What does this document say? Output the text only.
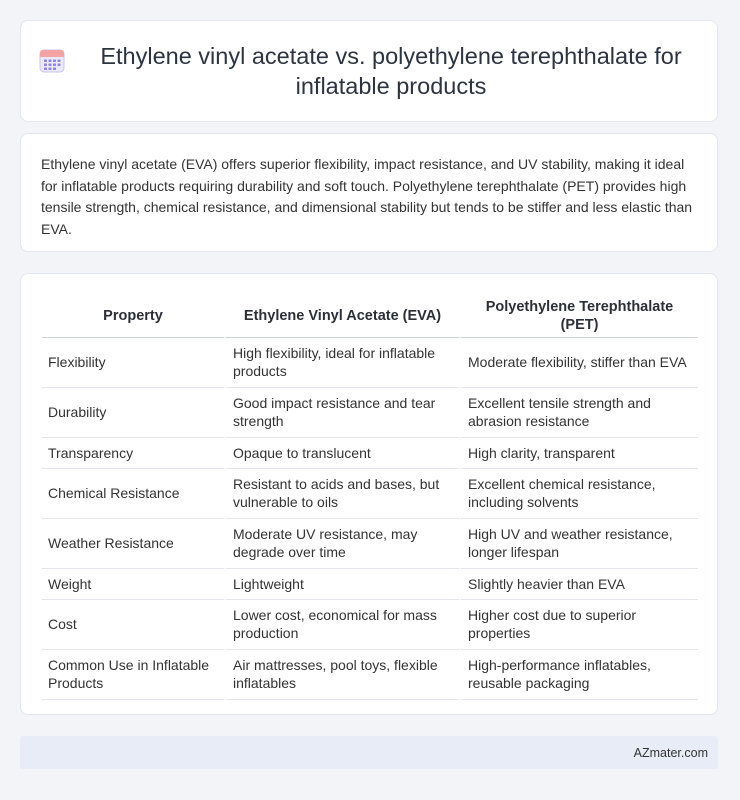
Ethylene vinyl acetate vs. polyethylene terephthalate for inflatable products

Ethylene vinyl acetate (EVA) offers superior flexibility, impact resistance, and UV stability, making it ideal for inflatable products requiring durability and soft touch. Polyethylene terephthalate (PET) provides high tensile strength, chemical resistance, and dimensional stability but tends to be stiffer and less elastic than EVA.

Property	Ethylene Vinyl Acetate (EVA)	Polyethylene Terephthalate (PET)
Flexibility	High flexibility, ideal for inflatable products	Moderate flexibility, stiffer than EVA
Durability	Good impact resistance and tear strength	Excellent tensile strength and abrasion resistance
Transparency	Opaque to translucent	High clarity, transparent
Chemical Resistance	Resistant to acids and bases, but vulnerable to oils	Excellent chemical resistance, including solvents
Weather Resistance	Moderate UV resistance, may degrade over time	High UV and weather resistance, longer lifespan
Weight	Lightweight	Slightly heavier than EVA
Cost	Lower cost, economical for mass production	Higher cost due to superior properties
Common Use in Inflatable Products	Air mattresses, pool toys, flexible inflatables	High-performance inflatables, reusable packaging
AZmater.com
